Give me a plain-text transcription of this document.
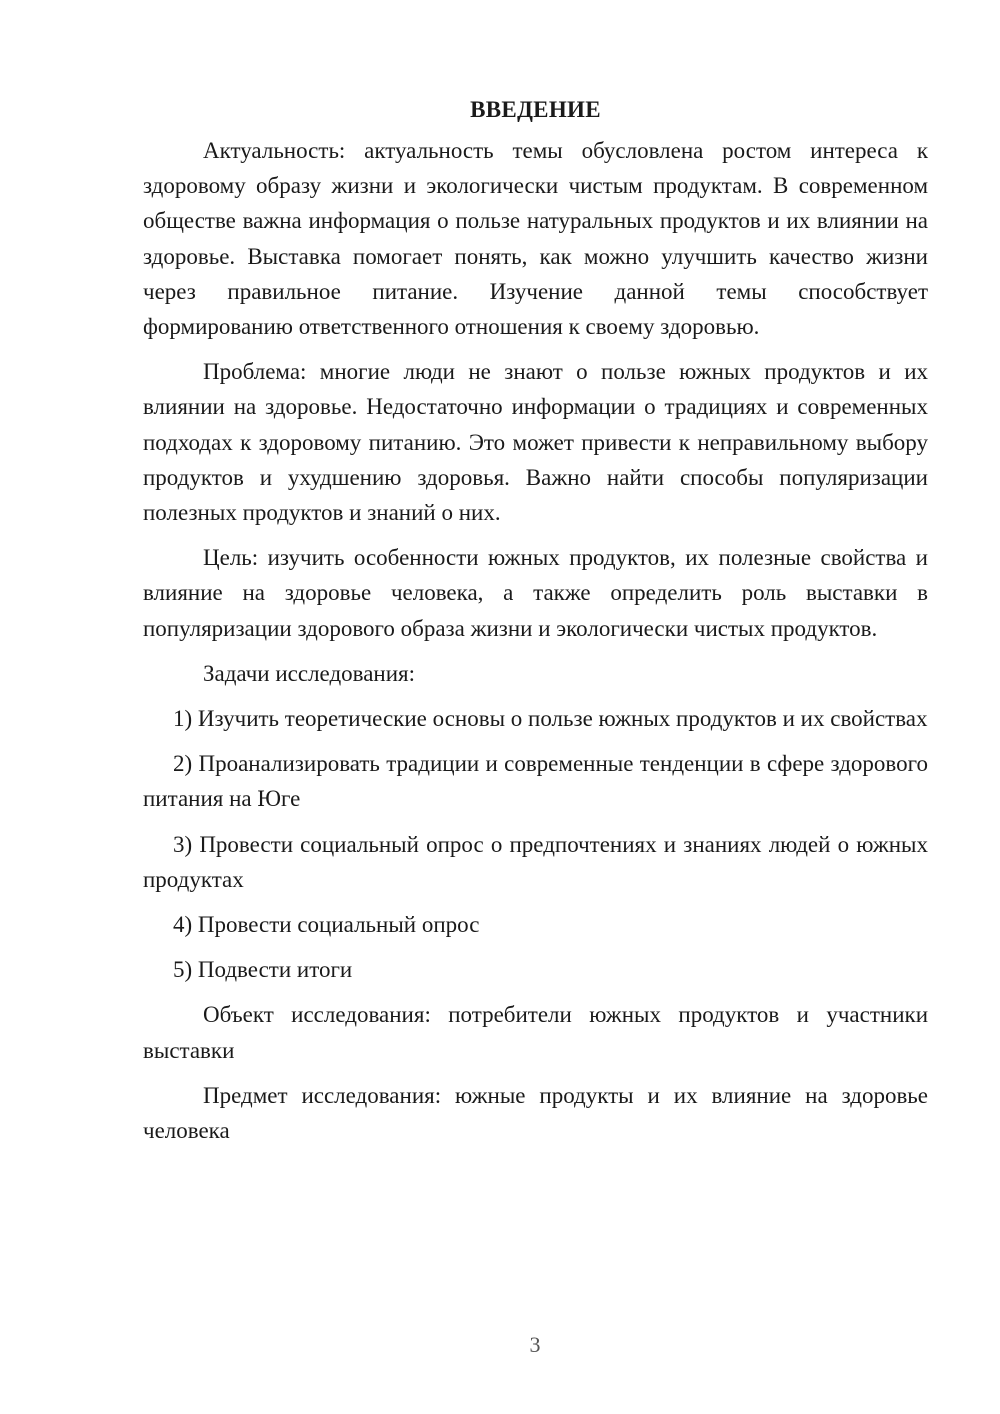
ВВЕДЕНИЕ

Актуальность: актуальность темы обусловлена ростом интереса к здоровому образу жизни и экологически чистым продуктам. В современном обществе важна информация о пользе натуральных продуктов и их влиянии на здоровье. Выставка помогает понять, как можно улучшить качество жизни через правильное питание. Изучение данной темы способствует формированию ответственного отношения к своему здоровью.

Проблема: многие люди не знают о пользе южных продуктов и их влиянии на здоровье. Недостаточно информации о традициях и современных подходах к здоровому питанию. Это может привести к неправильному выбору продуктов и ухудшению здоровья. Важно найти способы популяризации полезных продуктов и знаний о них.

Цель: изучить особенности южных продуктов, их полезные свойства и влияние на здоровье человека, а также определить роль выставки в популяризации здорового образа жизни и экологически чистых продуктов.

Задачи исследования:

1) Изучить теоретические основы о пользе южных продуктов и их свойствах

2) Проанализировать традиции и современные тенденции в сфере здорового питания на Юге

3) Провести социальный опрос о предпочтениях и знаниях людей о южных продуктах

4) Провести социальный опрос

5) Подвести итоги

Объект исследования: потребители южных продуктов и участники выставки

Предмет исследования: южные продукты и их влияние на здоровье человека

3
